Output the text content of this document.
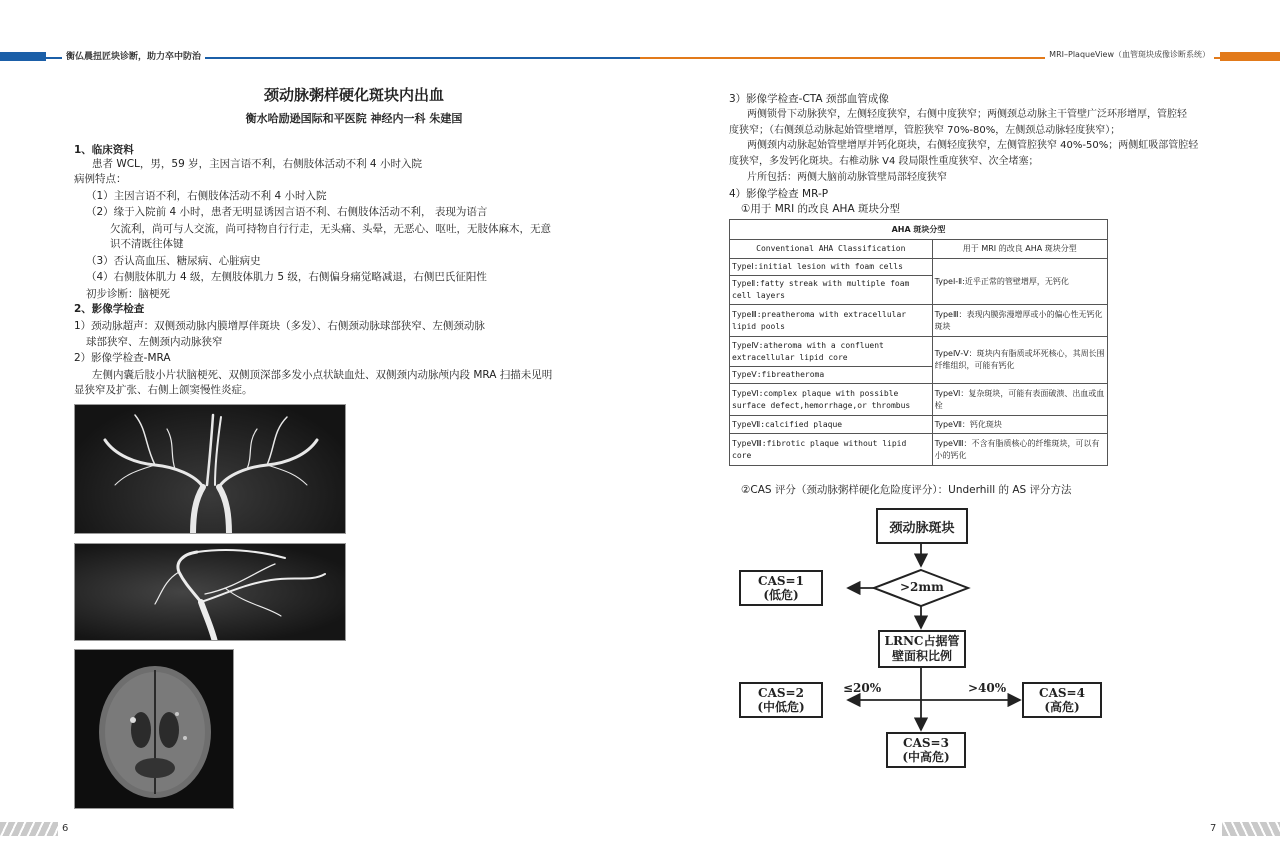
衡仏晨扭匠块诊断，助力卒中防治	MRI–PlaqueView（血管斑块成像诊断系统）
颈动脉粥样硬化斑块内出血
衡水哈励逊国际和平医院 神经内一科 朱建国
1、临床资料
患者 WCL，男，59 岁，主因言语不利，右侧肢体活动不利 4 小时入院
病例特点：
（1）主因言语不利，右侧肢体活动不利 4 小时入院
（2）缘于入院前 4 小时，患者无明显诱因言语不利、右侧肢体活动不利， 表现为语言
欠流利，尚可与人交流，尚可持物自行行走，无头痛、头晕，无恶心、呕吐，无肢体麻木，无意
识不清既往体键
（3）否认高血压、糖尿病、心脏病史
（4）右侧肢体肌力 4 级，左侧肢体肌力 5 级，右侧偏身痛觉略减退，右侧巴氏征阳性
初步诊断：脑梗死
2、影像学检查
1）颈动脉超声：双侧颈动脉内膜增厚伴斑块（多发）、右侧颈动脉球部狭窄、左侧颈动脉
球部狭窄、左侧颈内动脉狭窄
2）影像学检查-MRA
左侧内囊后肢小片状脑梗死、双侧顶深部多发小点状缺血灶、双侧颈内动脉颅内段 MRA 扫描未见明
显狭窄及扩张、右侧上颌窦慢性炎症。
6
3）影像学检查-CTA 颈部血管成像
两侧锁骨下动脉狭窄，左侧轻度狭窄，右侧中度狭窄；两侧颈总动脉主干管壁广泛环形增厚，管腔轻
度狭窄；（右侧颈总动脉起始管壁增厚，管腔狭窄 70%-80%，左侧颈总动脉轻度狭窄）；
两侧颈内动脉起始管壁增厚并钙化斑块，右侧轻度狭窄，左侧管腔狭窄 40%-50%；两侧虹吸部管腔轻
度狭窄，多发钙化斑块。右椎动脉 V4 段局限性重度狭窄、次全堵塞；
片所包括：两侧大脑前动脉管壁局部轻度狭窄
4）影像学检查 MR-P
①用于 MRI 的改良 AHA 斑块分型
AHA 斑块分型	
Conventional AHA Classification	用于 MRI 的改良 AHA 斑块分型
TypeⅠ:initial lesion with foam cells	TypeⅠ-Ⅱ:近乎正常的管壁增厚，无钙化
TypeⅡ:fatty streak with multiple foam cell layers	
TypeⅢ:preatheroma with extracellular lipid pools	TypeⅢ：表现内膜弥漫增厚或小的偏心性无钙化斑块
TypeⅣ:atheroma with a confluent extracellular lipid core	TypeⅣ-Ⅴ：斑块内有脂质或坏死核心，其周长围纤维组织，可能有钙化
TypeⅤ:fibreatheroma	
TypeⅥ:complex plaque with possible surface defect,hemorrhage,or thrombus	TypeⅥ：复杂斑块，可能有表面破溃、出血或血栓
TypeⅦ:calcified plaque	TypeⅦ：钙化斑块
TypeⅧ:fibrotic plaque without lipid core	TypeⅧ：不含有脂质核心的纤维斑块，可以有小的钙化
②CAS 评分（颈动脉粥样硬化危险度评分）：Underhill 的 AS 评分方法
颈动脉斑块
>2mm
CAS=1
(低危)
LRNC占据管
壁面积比例
≤20%	>40%
CAS=2
(中低危)
CAS=4
(高危)
CAS=3
(中高危)
7
